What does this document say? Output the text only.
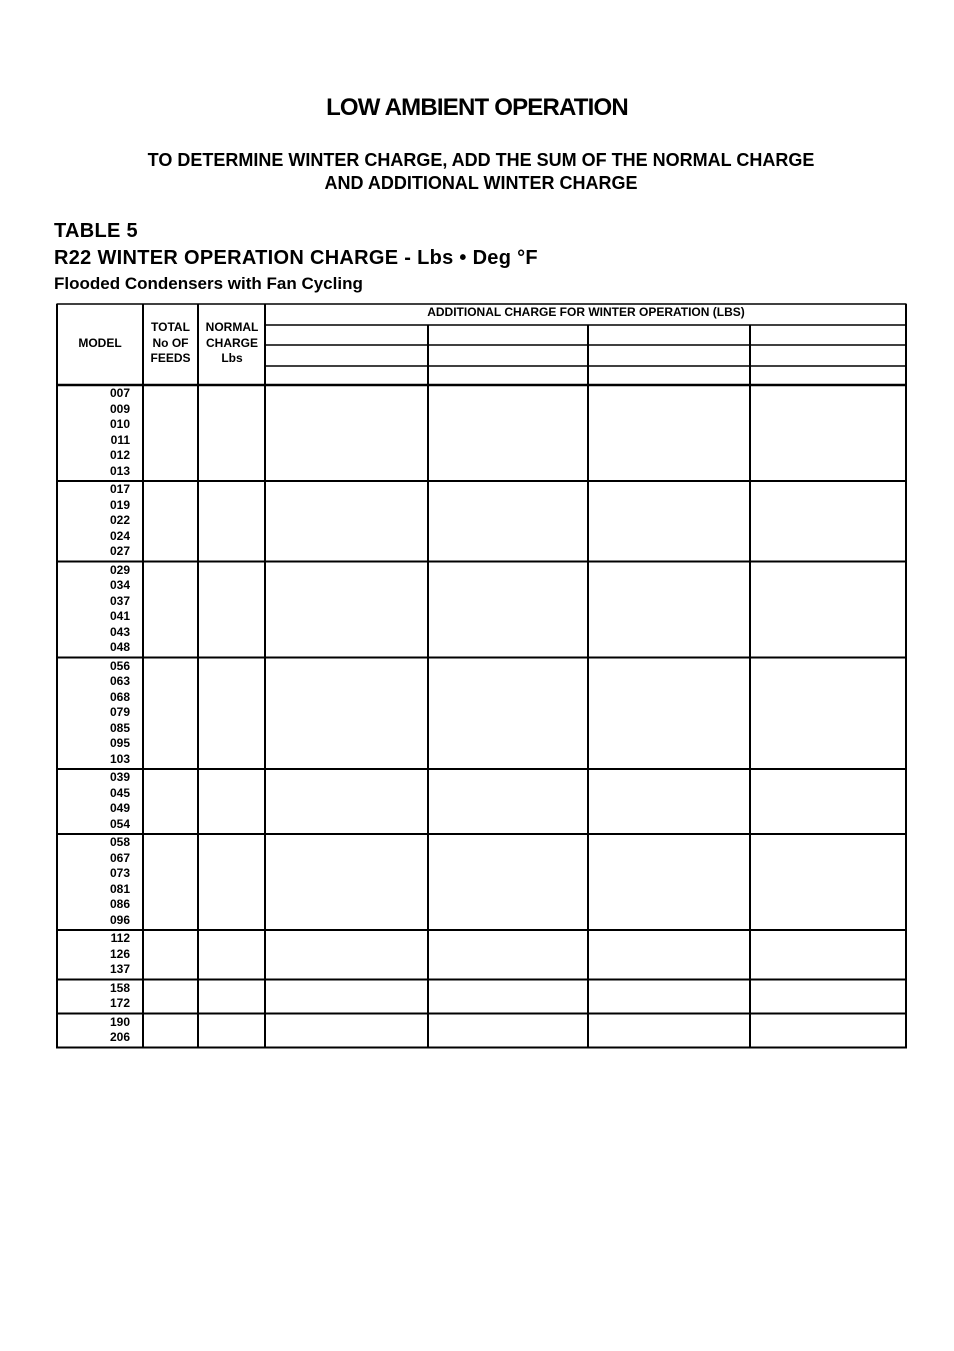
LOW AMBIENT OPERATION
TO DETERMINE WINTER CHARGE, ADD THE SUM OF THE NORMAL CHARGE
AND ADDITIONAL WINTER CHARGE
TABLE 5
R22 WINTER OPERATION CHARGE - Lbs • Deg °F
Flooded Condensers with Fan Cycling
MODEL
TOTAL
No OF
FEEDS
NORMAL
CHARGE
Lbs
ADDITIONAL CHARGE FOR WINTER OPERATION (LBS)
007
009
010
011
012
013
017
019
022
024
027
029
034
037
041
043
048
056
063
068
079
085
095
103
039
045
049
054
058
067
073
081
086
096
112
126
137
158
172
190
206
